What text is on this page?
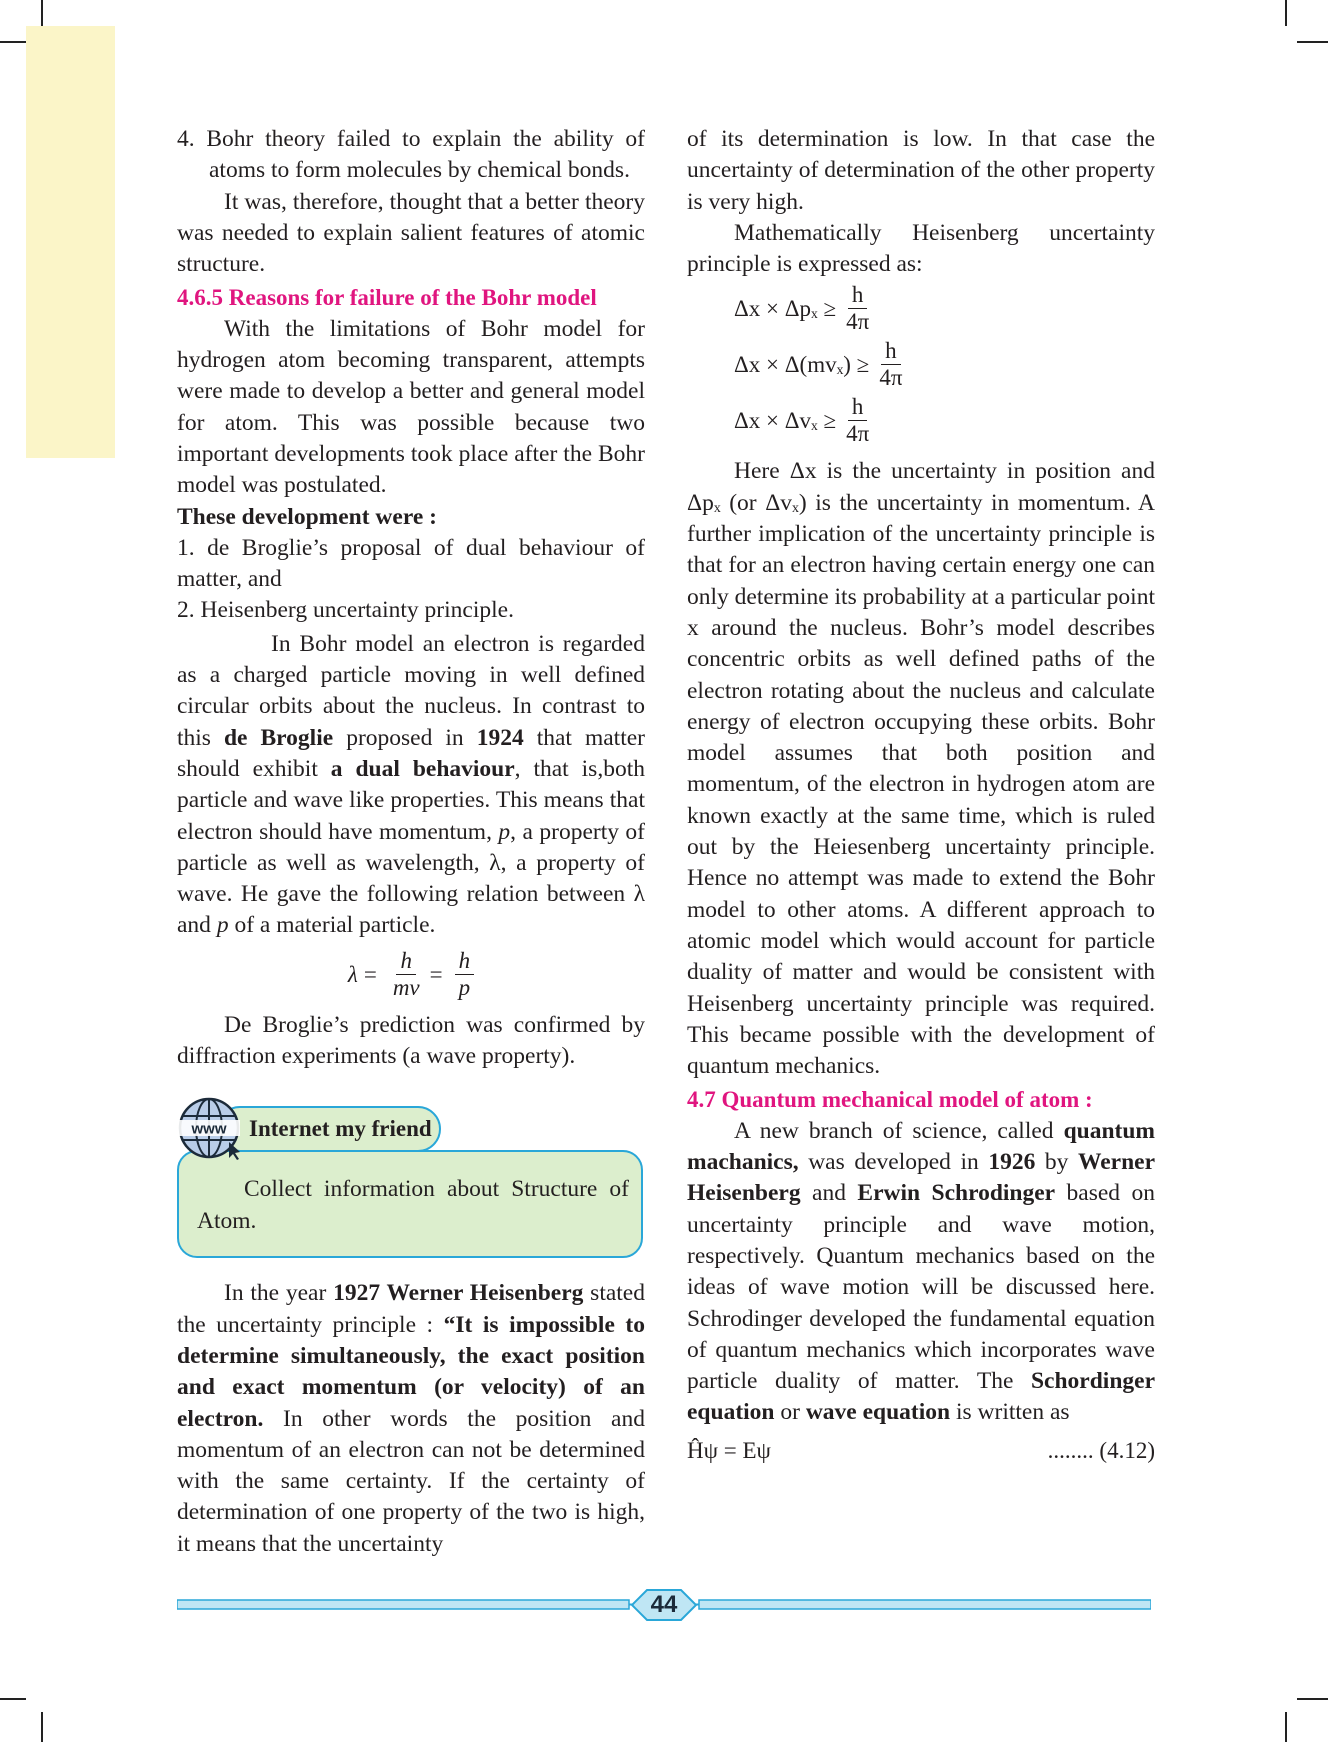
4. Bohr theory failed to explain the ability of atoms to form molecules by chemical bonds.

It was, therefore, thought that a better theory was needed to explain salient features of atomic structure.

4.6.5 Reasons for failure of the Bohr model

With the limitations of Bohr model for hydrogen atom becoming transparent, attempts were made to develop a better and general model for atom. This was possible because two important developments took place after the Bohr model was postulated.

These development were :

1. de Broglie’s proposal of dual behaviour of matter, and

2. Heisenberg uncertainty principle.

In Bohr model an electron is regarded as a charged particle moving in well defined circular orbits about the nucleus. In contrast to this de Broglie proposed in 1924 that matter should exhibit a dual behaviour, that is,both particle and wave like properties. This means that electron should have momentum, p, a property of particle as well as wavelength, λ, a property of wave. He gave the following relation between λ and p of a material particle.

$\lambda = \frac{h}{mv} = \frac{h}{p}$

De Broglie’s prediction was confirmed by diffraction experiments (a wave property).

Collect information about Structure of Atom.

Internet my friend
www

In the year 1927 Werner Heisenberg stated the uncertainty principle : “It is impossible to determine simultaneously, the exact position and exact momentum (or velocity) of an electron. In other words the position and momentum of an electron can not be determined with the same certainty. If the certainty of determination of one property of the two is high, it means that the uncertainty

of its determination is low. In that case the uncertainty of determination of the other property is very high.

Mathematically Heisenberg uncertainty principle is expressed as:

$\Delta x \times \Delta p_x \ge \frac{h}{4\pi}$
$\Delta x \times \Delta(mv_x) \ge \frac{h}{4\pi}$
$\Delta x \times \Delta v_x \ge \frac{h}{4\pi}$

Here Δx is the uncertainty in position and Δpₓ (or Δvₓ) is the uncertainty in momentum. A further implication of the uncertainty principle is that for an electron having certain energy one can only determine its probability at a particular point x around the nucleus. Bohr’s model describes concentric orbits as well defined paths of the electron rotating about the nucleus and calculate energy of electron occupying these orbits. Bohr model assumes that both position and momentum, of the electron in hydrogen atom are known exactly at the same time, which is ruled out by the Heiesenberg uncertainty principle. Hence no attempt was made to extend the Bohr model to other atoms. A different approach to atomic model which would account for particle duality of matter and would be consistent with Heisenberg uncertainty principle was required. This became possible with the development of quantum mechanics.

4.7 Quantum mechanical model of atom :

A new branch of science, called quantum machanics, was developed in 1926 by Werner Heisenberg and Erwin Schrodinger based on uncertainty principle and wave motion, respectively. Quantum mechanics based on the ideas of wave motion will be discussed here. Schrodinger developed the fundamental equation of quantum mechanics which incorporates wave particle duality of matter. The Schordinger equation or wave equation is written as

Ĥψ = Eψ	........ (4.12)
44
